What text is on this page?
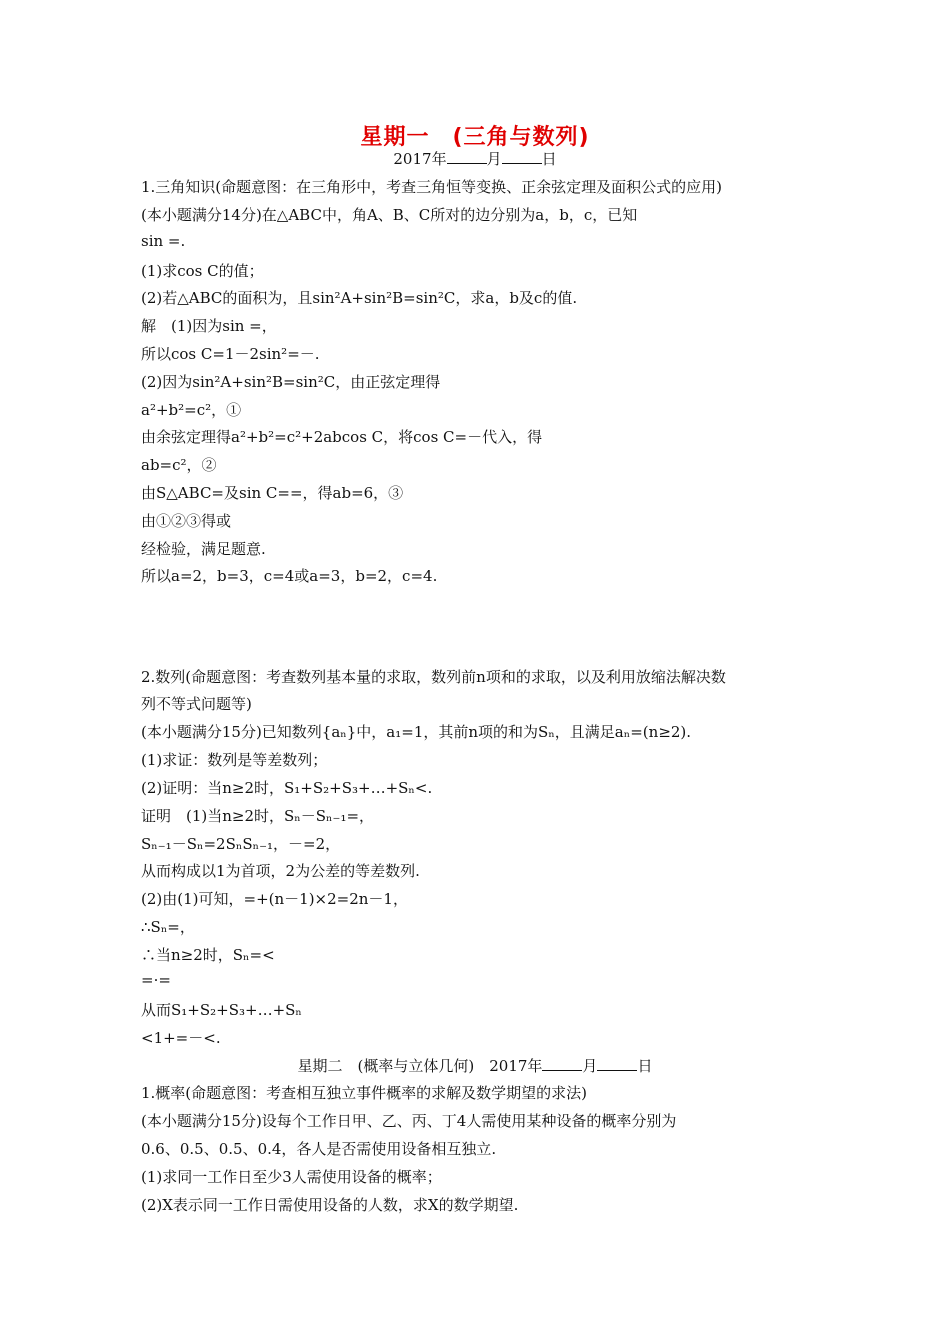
星期一　(三角与数列)
2017年	月	日
1.三角知识(命题意图：在三角形中，考查三角恒等变换、正余弦定理及面积公式的应用)
(本小题满分14分)在△ABC中，角A、B、C所对的边分别为a，b，c，已知
sin =.
(1)求cos C的值；
(2)若△ABC的面积为，且sin²A+sin²B=sin²C，求a，b及c的值.
解　(1)因为sin =，
所以cos C=1－2sin²=－.
(2)因为sin²A+sin²B=sin²C，由正弦定理得
a²+b²=c²，①
由余弦定理得a²+b²=c²+2abcos C，将cos C=－代入，得
ab=c²，②
由S△ABC=及sin C==，得ab=6，③
由①②③得或
经检验，满足题意.
所以a=2，b=3，c=4或a=3，b=2，c=4.
2.数列(命题意图：考查数列基本量的求取，数列前n项和的求取，以及利用放缩法解决数
列不等式问题等)
(本小题满分15分)已知数列{aₙ}中，a₁=1，其前n项的和为Sₙ，且满足aₙ=(n≥2).
(1)求证：数列是等差数列；
(2)证明：当n≥2时，S₁+S₂+S₃+…+Sₙ<.
证明　(1)当n≥2时，Sₙ－Sₙ₋₁=，
Sₙ₋₁－Sₙ=2SₙSₙ₋₁，－=2，
从而构成以1为首项，2为公差的等差数列.
(2)由(1)可知，=+(n－1)×2=2n－1，
∴Sₙ=，
∴当n≥2时，Sₙ=<
=·=
从而S₁+S₂+S₃+…+Sₙ
<1+=－<.
1.概率(命题意图：考查相互独立事件概率的求解及数学期望的求法)
(本小题满分15分)设每个工作日甲、乙、丙、丁4人需使用某种设备的概率分别为
0.6、0.5、0.5、0.4，各人是否需使用设备相互独立.
(1)求同一工作日至少3人需使用设备的概率；
(2)X表示同一工作日需使用设备的人数，求X的数学期望.
星期二　(概率与立体几何)　2017年	月	日
